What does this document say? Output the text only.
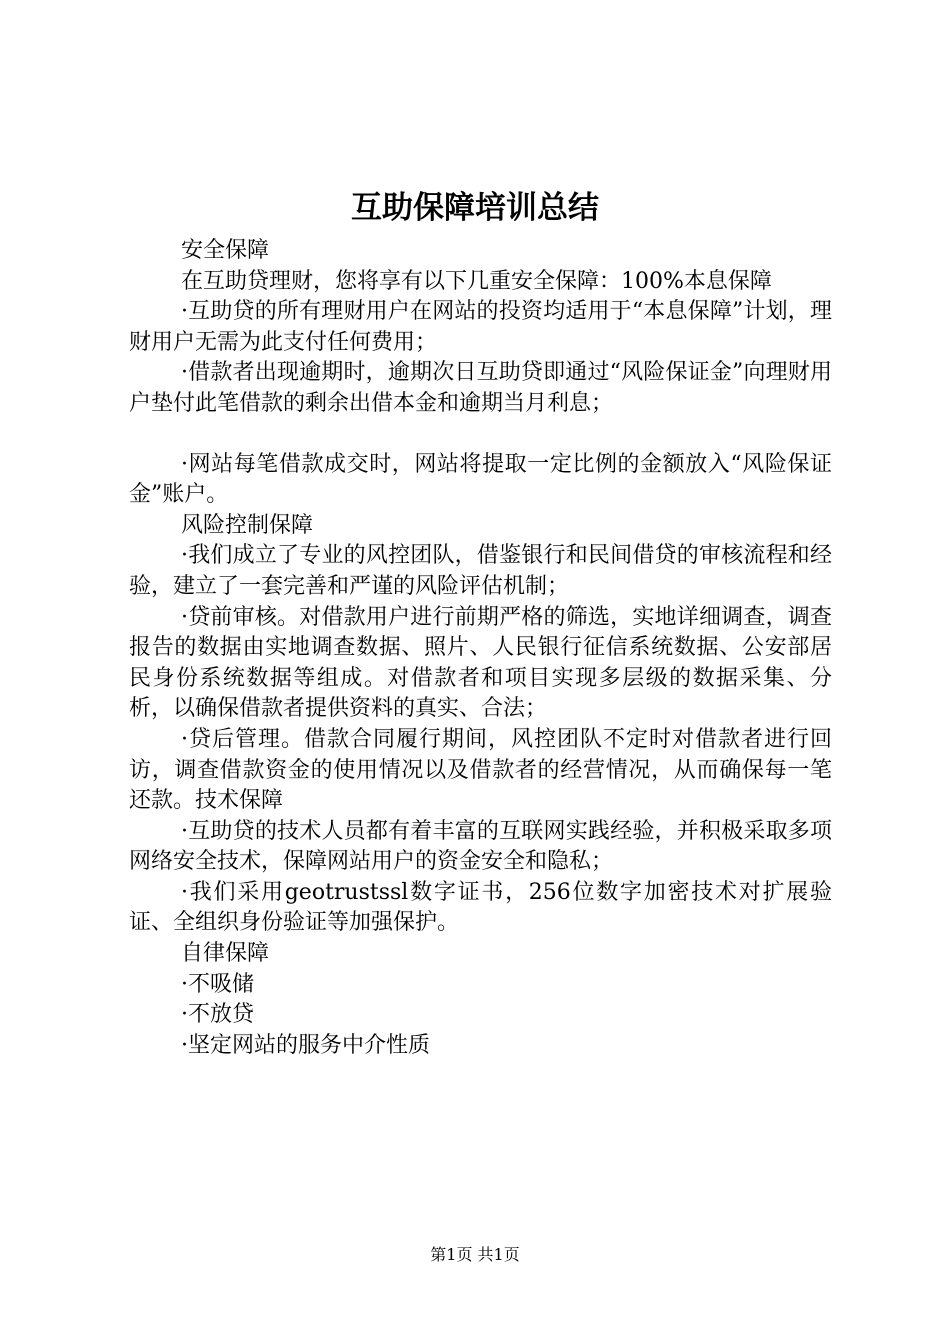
互助保障培训总结

安全保障

在互助贷理财，您将享有以下几重安全保障：100%本息保障

·互助贷的所有理财用户在网站的投资均适用于“本息保障”计划，理财用户无需为此支付任何费用；

·借款者出现逾期时，逾期次日互助贷即通过“风险保证金”向理财用户垫付此笔借款的剩余出借本金和逾期当月利息；

·网站每笔借款成交时，网站将提取一定比例的金额放入“风险保证金”账户。

风险控制保障

·我们成立了专业的风控团队，借鉴银行和民间借贷的审核流程和经验，建立了一套完善和严谨的风险评估机制；

·贷前审核。对借款用户进行前期严格的筛选，实地详细调查，调查报告的数据由实地调查数据、照片、人民银行征信系统数据、公安部居民身份系统数据等组成。对借款者和项目实现多层级的数据采集、分析，以确保借款者提供资料的真实、合法；

·贷后管理。借款合同履行期间，风控团队不定时对借款者进行回访，调查借款资金的使用情况以及借款者的经营情况，从而确保每一笔还款。技术保障

·互助贷的技术人员都有着丰富的互联网实践经验，并积极采取多项网络安全技术，保障网站用户的资金安全和隐私；

·我们采用geotrustssl数字证书，256位数字加密技术对扩展验证、全组织身份验证等加强保护。

自律保障

·不吸储

·不放贷

·坚定网站的服务中介性质

第1页 共1页
